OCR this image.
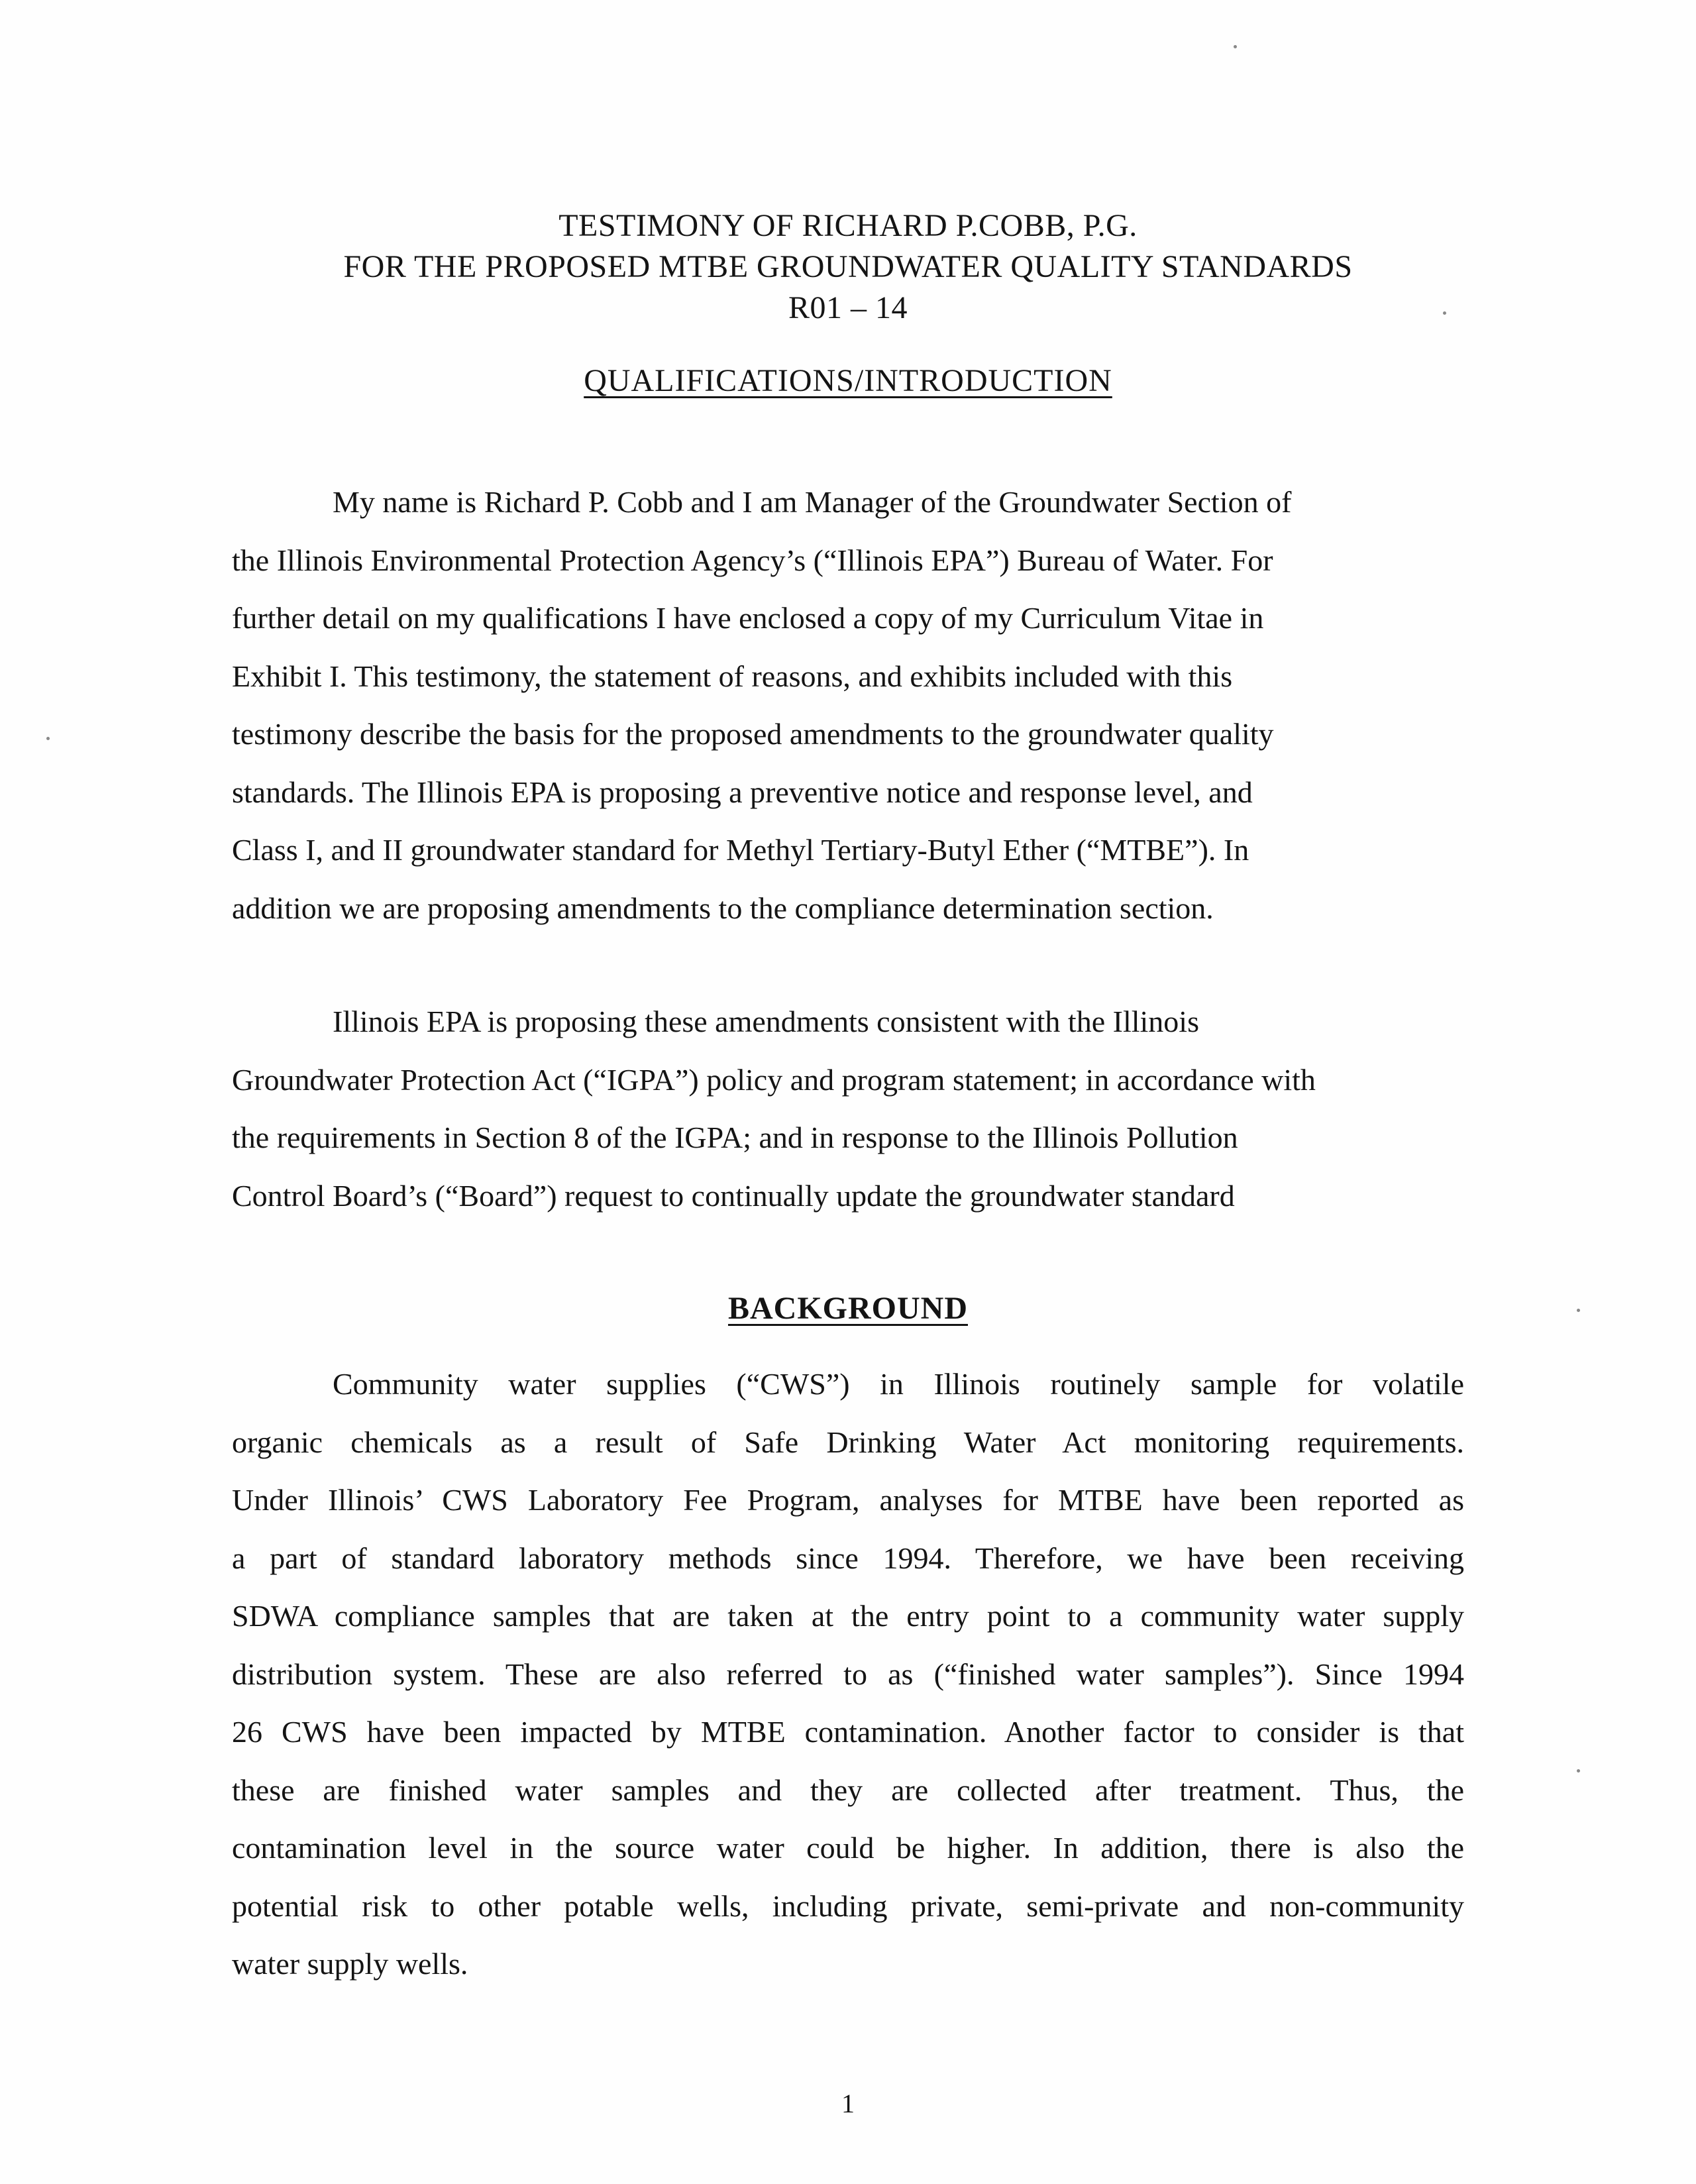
TESTIMONY OF RICHARD P.COBB, P.G.
FOR THE PROPOSED MTBE GROUNDWATER QUALITY STANDARDS
R01 – 14
QUALIFICATIONS/INTRODUCTION
My name is Richard P. Cobb and I am Manager of the Groundwater Section of
the Illinois Environmental Protection Agency’s (“Illinois EPA”) Bureau of Water. For
further detail on my qualifications I have enclosed a copy of my Curriculum Vitae in
Exhibit I. This testimony, the statement of reasons, and exhibits included with this
testimony describe the basis for the proposed amendments to the groundwater quality
standards. The Illinois EPA is proposing a preventive notice and response level, and
Class I, and II groundwater standard for Methyl Tertiary-Butyl Ether (“MTBE”). In
addition we are proposing amendments to the compliance determination section.
Illinois EPA is proposing these amendments consistent with the Illinois
Groundwater Protection Act (“IGPA”) policy and program statement; in accordance with
the requirements in Section 8 of the IGPA; and in response to the Illinois Pollution
Control Board’s (“Board”) request to continually update the groundwater standard
BACKGROUND
Community water supplies (“CWS”) in Illinois routinely sample for volatile
organic chemicals as a result of Safe Drinking Water Act monitoring requirements.
Under Illinois’ CWS Laboratory Fee Program, analyses for MTBE have been reported as
a part of standard laboratory methods since 1994. Therefore, we have been receiving
SDWA compliance samples that are taken at the entry point to a community water supply
distribution system. These are also referred to as (“finished water samples”). Since 1994
26 CWS have been impacted by MTBE contamination. Another factor to consider is that
these are finished water samples and they are collected after treatment. Thus, the
contamination level in the source water could be higher. In addition, there is also the
potential risk to other potable wells, including private, semi-private and non-community
water supply wells.
1
